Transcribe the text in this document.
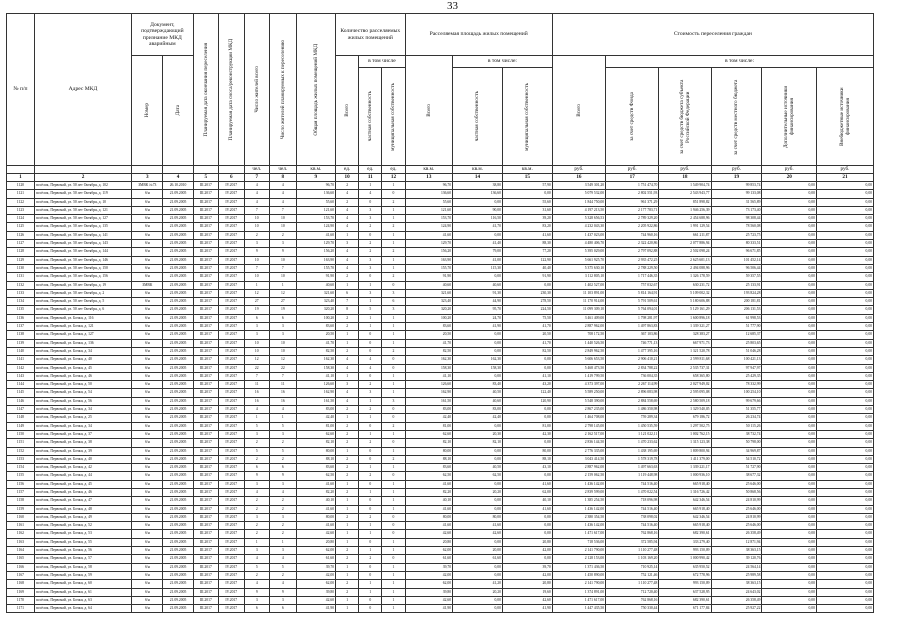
33
№ п/п	Адрес МКД	Документ, подтверждающий признание МКД аварийным		Планируемая дата окончания переселения	Планируемая дата сноса/реконструкции МКД	Число жителей всего	Число жителей планируемых к переселению	Общая площадь жилых помещений МКД	Количество расселяемых жилых помещений			Расселяемая площадь жилых помещений			Стоимость переселения граждан					

		Номер	Дата						Всего	в том числе		Всего	в том числе:		Всего	в том числе:				

										частная собственность	муниципальная собственность		частная собственность	муниципальная собственность		за счет средств Фонда	за счет средств бюджета субъекта Российской Федерации	за счет средств местного бюджета	Дополнительные источники финансирования	Внебюджетные источники финансирования

						чел.	чел.	кв.м.	ед.	ед.	ед.	кв.м.	кв.м.	кв.м.	руб.	руб.	руб.	руб.	руб.	руб.
1	2	3	4	5	6	7	8	9	10	11	12	13	14	15	16	17	18	19	20	21
1120	посёлок, Первомай, ул. 50 лет Октября, д. 102	ЗМВК №73	26.10.2010	III.2017	IV.2017	4	4	96,70	2	1	1	96,70	38,80	57,90	3 549 301,20	1 751 474,70	1 549 904,74	99 853,74	0,00	0,00
1121	посёлок, Первомай, ул. 50 лет Октября, д. 119	б/н	21.09.2005	III.2017	IV.2017	4	4	136,60	4	4	0	136,60	136,60	0,00	5 079 532,00	2 802 551,93	2 543 943,77	99 133,08	0,00	0,00
1122	посёлок, Первомай, ул. 50 лет Октября, д. 10	б/н	21.09.2005	III.2017	IV.2017	4	4	55,60	2	0	2	55,60	0,00	55,60	1 844 750,00	961 371,29	851 898,82	31 565,89	0,00	0,00
1123	посёлок, Первомай, ул. 50 лет Октября, д. 121	б/н	21.09.2005	III.2017	IV.2017	7	7	121,60	4	3	1	121,60	90,00	31,60	4 197 213,50	2 177 783,71	1 946 256,39	73 173,40	0,00	0,00
1124	посёлок, Первомай, ул. 50 лет Октября, д. 127	б/н	21.09.2005	III.2017	IV.2017	10	10	153,70	4	3	1	153,70	116,50	39,20	5 328 656,53	2 789 329,20	2 454 688,96	98 308,44	0,00	0,00
1125	посёлок, Первомай, ул. 50 лет Октября, д. 135	б/н	21.09.2005	III.2017	IV.2017	10	10	124,90	4	2	2	124,90	41,70	83,20	4 232 043,30	2 205 922,86	1 991 129,54	78 560,08	0,00	0,00
1126	посёлок, Первомай, ул. 50 лет Октября, д. 141	б/н	21.09.2005	III.2017	IV.2017	2	2	41,60	1	0	1	41,60	0,00	41,60	1 437 023,00	744 960,16	661 211,87	25 723,75	0,00	0,00
1127	посёлок, Первомай, ул. 50 лет Октября, д. 143	б/н	21.09.2005	III.2017	IV.2017	3	3	129,70	3	2	1	129,70	41,40	88,30	4 480 406,70	2 322 420,86	2 077 886,94	80 333,51	0,00	0,00
1128	посёлок, Первомай, ул. 50 лет Октября, д. 144	б/н	21.09.2005	III.2017	IV.2017	9	9	156,20	4	2	2	156,20	79,00	77,20	5 395 029,00	2 797 092,88	2 502 098,24	96 671,85	0,00	0,00
1129	посёлок, Первомай, ул. 50 лет Октября, д. 146	б/н	21.09.2005	III.2017	IV.2017	10	10	163,90	4	3	1	163,90	41,00	122,90	5 661 925,70	2 935 472,25	2 625 601,13	101 452,14	0,00	0,00
1130	посёлок, Первомай, ул. 50 лет Октября, д. 150	б/н	21.09.2005	III.2017	IV.2017	7	7	155,70	4	3	1	155,70	115,30	40,40	5 375 630,10	2 788 229,50	2 494 088,96	96 506,44	0,00	0,00
1131	посёлок, Первомай, ул. 50 лет Октября, д. 156	б/н	21.09.2005	III.2017	IV.2017	10	10	91,90	2	0	2	91,90	0,00	91,90	3 112 805,10	1 717 446,35	1 326 178,59	59 357,55	0,00	0,00
1132	посёлок, Первомай, ул. 50 лет Октября, д. 19	ЗМВК	21.09.2005	III.2017	IV.2017	1	1	40,60	1	1	0	40,60	40,60	0,00	1 402 527,00	757 032,67	630 231,72	25 133,91	0,00	0,00
1133	посёлок, Первомай, ул. 50 лет Октября, д. 2	б/н	21.09.2005	III.2017	IV.2017	12	12	321,60	6	3	3	321,60	91,30	230,30	11 103 891,00	5 814 164,91	5 109 002,32	193 824,28	0,00	0,00
1134	посёлок, Первомай, ул. 50 лет Октября, д. 5	б/н	21.09.2005	III.2017	IV.2017	27	27	323,40	7	1	6	323,40	44,90	278,50	11 170 914,00	5 791 509,61	5 180 606,88	200 181,81	0,00	0,00
1135	посёлок, Первомай, ул. 50 лет Октября, д. 6	б/н	21.09.2005	III.2017	IV.2017	19	19	320,20	8	5	3	320,20	95,70	224,50	11 099 309,10	5 764 094,01	5 129 161,29	206 131,53	0,00	0,00
1136	посёлок, Первомай, ул. Бочки, д. 116	б/н	21.09.2005	III.2017	IV.2017	6	6	100,20	2	1	1	100,20	24,70	75,50	3 461 409,00	1 798 281,97	1 600 896,18	61 998,53	0,00	0,00
1137	посёлок, Первомай, ул. Бочки, д. 121	б/н	21.09.2005	III.2017	IV.2017	3	3	83,60	2	1	1	83,60	41,90	41,70	2 887 962,00	1 497 863,83	1 339 321,27	51 777,90	0,00	0,00
1138	посёлок, Первомай, ул. Бочки, д. 127	б/н	21.09.2005	III.2017	IV.2017	3	3	20,50	1	0	1	20,50	0,00	20,50	708 172,50	367 103,86	328 383,27	12 685,37	0,00	0,00
1139	посёлок, Первомай, ул. Бочки, д. 136	б/н	21.09.2005	III.2017	IV.2017	10	10	41,70	1	0	1	41,70	0,00	41,70	1 440 526,50	746 771,13	667 971,73	25 803,65	0,00	0,00
1140	посёлок, Первомай, ул. Бочки, д. 34	б/н	21.09.2005	III.2017	IV.2017	10	10	82,50	2	0	2	82,50	0,00	82,50	2 849 962,50	1 477 395,16	1 321 520,78	51 046,28	0,00	0,00
1141	посёлок, Первомай, ул. Бочки, д. 40	б/н	21.09.2005	III.2017	IV.2017	12	12	162,30	4	4	0	162,30	162,30	0,00	5 606 653,50	2 906 410,21	2 599 811,68	100 421,13	0,00	0,00
1142	посёлок, Первомай, ул. Бочки, д. 45	б/н	21.09.2005	III.2017	IV.2017	22	22	158,30	4	4	0	158,30	158,30	0,00	5 468 473,50	2 834 788,22	2 535 737,31	97 947,97	0,00	0,00
1143	посёлок, Первомай, ул. Бочки, д. 46	б/н	21.09.2005	III.2017	IV.2017	7	7	41,10	1	0	1	41,10	0,00	41,10	1 419 799,50	736 004,35	658 365,80	25 429,35	0,00	0,00
1144	посёлок, Первомай, ул. Бочки, д. 50	б/н	21.09.2005	III.2017	IV.2017	11	11	126,60	3	2	1	126,60	83,40	43,20	4 373 397,00	2 267 114,99	2 027 949,02	78 332,99	0,00	0,00
1145	посёлок, Первомай, ул. Бочки, д. 54	б/н	21.09.2005	III.2017	IV.2017	16	16	162,90	4	3	1	162,90	40,50	122,40	5 589 250,00	2 896 083,98	2 595 095,08	100 254,10	0,00	0,00
1146	посёлок, Первомай, ул. Бочки, д. 56	б/н	21.09.2005	III.2017	IV.2017	16	16	161,50	4	1	3	161,50	40,60	120,90	5 548 390,00	2 884 558,69	2 580 509,18	99 679,66	0,00	0,00
1147	посёлок, Первомай, ул. Бочки, д. 34	б/н	21.09.2005	III.2017	IV.2017	4	4	83,00	2	2	0	83,00	83,00	0,00	2 867 235,00	1 486 350,98	1 329 540,05	51 355,77	0,00	0,00
1148	посёлок, Первомай, ул. Бочки, д. 25	б/н	21.09.2005	III.2017	IV.2017	1	1	42,40	1	1	0	42,40	42,40	0,00	1 464 708,00	759 289,34	679 186,72	26 234,74	0,00	0,00
1149	посёлок, Первомай, ул. Бочки, д. 34	б/н	21.09.2005	III.2017	IV.2017	5	5	81,00	2	0	2	81,00	0,00	81,00	2 798 145,00	1 450 535,59	1 297 502,75	50 115,26	0,00	0,00
1150	посёлок, Первомай, ул. Бочки, д. 37	б/н	21.09.2005	III.2017	IV.2017	3	3	62,60	2	1	1	62,60	20,30	42,30	2 162 517,00	1 121 022,11	1 002 762,15	38 732,74	0,00	0,00
1151	посёлок, Первомай, ул. Бочки, д. 38	б/н	21.09.2005	III.2017	IV.2017	2	2	82,10	2	2	0	82,10	82,10	0,00	2 836 144,50	1 470 233,62	1 315 123,38	50 798,00	0,00	0,00
1152	посёлок, Первомай, ул. Бочки, д. 39	б/н	21.09.2005	III.2017	IV.2017	5	5	80,00	1	0	1	80,00	0,00	80,00	2 776 335,00	1 438 195,69	1 809 800,94	34 969,87	0,00	0,00
1153	посёлок, Первомай, ул. Бочки, д. 40	б/н	21.09.2005	III.2017	IV.2017	2	2	88,10	2	0	2	88,10	0,00	88,10	3 043 414,50	1 578 319,78	1 411 379,00	54 510,72	0,00	0,00
1154	посёлок, Первомай, ул. Бочки, д. 42	б/н	21.09.2005	III.2017	IV.2017	6	6	83,60	2	1	1	83,60	40,50	43,10	2 887 962,00	1 497 663,63	1 339 221,17	51 727,90	0,00	0,00
1155	посёлок, Первомай, ул. Бочки, д. 44	б/н	21.09.2005	III.2017	IV.2017	9	9	62,50	2	2	0	62,50	62,50	0,00	2 159 062,50	1 119 448,98	1 000 936,10	38 677,32	0,00	0,00
1156	посёлок, Первомай, ул. Бочки, д. 45	б/н	21.09.2005	III.2017	IV.2017	3	3	41,60	1	0	1	41,60	0,00	41,60	1 436 142,00	744 516,40	665 918,40	25 646,00	0,00	0,00
1157	посёлок, Первомай, ул. Бочки, д. 46	б/н	21.09.2005	III.2017	IV.2017	4	4	82,20	2	1	1	82,20	20,20	62,00	2 839 599,00	1 470 022,54	1 316 726,42	50 868,56	0,00	0,00
1158	посёлок, Первомай, ул. Бочки, д. 47	б/н	21.09.2005	III.2017	IV.2017	2	2	40,10	1	0	1	40,10	0,00	40,10	1 385 254,50	718 096,98	642 346,54	24 810,99	0,00	0,00
1159	посёлок, Первомай, ул. Бочки, д. 48	б/н	21.09.2005	III.2017	IV.2017	2	2	41,60	1	0	1	41,60	0,00	41,60	1 436 142,00	744 516,40	665 918,40	25 646,00	0,00	0,00
1160	посёлок, Первомай, ул. Бочки, д. 49	б/н	21.09.2005	III.2017	IV.2017	3	3	80,00	2	2	0	80,00	80,00	0,00	2 380 354,50	738 098,02	642 346,54	24 810,99	0,00	0,00
1161	посёлок, Первомай, ул. Бочки, д. 52	б/н	21.09.2005	III.2017	IV.2017	2	2	41,60	1	1	0	41,60	41,60	0,00	1 436 142,00	744 516,40	665 918,40	25 646,00	0,00	0,00
1162	посёлок, Первомай, ул. Бочки, д. 53	б/н	21.09.2005	III.2017	IV.2017	2	2	42,60	1	1	0	42,60	42,60	0,00	1 471 617,00	762 868,16	682 390,61	26 358,49	0,00	0,00
1163	посёлок, Первомай, ул. Бочки, д. 55	б/н	21.09.2005	III.2017	IV.2017	1	1	20,80	1	0	1	20,80	0,00	20,80	718 536,00	372 585,94	333 279,40	12 871,94	0,00	0,00
1164	посёлок, Первомай, ул. Бочки, д. 56	б/н	21.09.2005	III.2017	IV.2017	3	3	62,00	2	1	1	62,00	20,00	42,00	2 141 790,00	1 110 277,48	993 150,09	38 363,15	0,00	0,00
1165	посёлок, Первомай, ул. Бочки, д. 57	б/н	21.09.2005	III.2017	IV.2017	4	4	61,60	2	2	0	61,60	61,60	0,00	2 128 153,00	1 103 169,20	1 000 990,42	39 120,76	0,00	0,00
1166	посёлок, Первомай, ул. Бочки, д. 58	б/н	21.09.2005	III.2017	IV.2017	5	5	39,70	1	0	1	39,70	0,00	39,70	1 371 436,50	710 925,14	635 950,52	24 564,14	0,00	0,00
1167	посёлок, Первомай, ул. Бочки, д. 59	б/н	21.09.2005	III.2017	IV.2017	2	2	42,00	1	0	1	42,00	0,00	42,00	1 450 890,00	752 121,46	672 778,96	25 989,58	0,00	0,00
1168	посёлок, Первомай, ул. Бочки, д. 60	б/н	21.09.2005	III.2017	IV.2017	4	4	62,00	2	1	1	62,00	41,20	20,80	2 141 790,00	1 110 277,48	993 150,09	38 363,15	0,00	0,00
1169	посёлок, Первомай, ул. Бочки, д. 61	б/н	21.09.2005	III.2017	IV.2017	9	9	39,80	2	1	1	39,80	20,20	19,60	1 374 891,00	712 720,40	637 528,95	24 643,02	0,00	0,00
1170	посёлок, Первомай, ул. Бочки, д. 63	б/н	21.09.2005	III.2017	IV.2017	3	3	42,60	1	0	1	42,60	0,00	42,60	1 471 617,00	762 868,16	682 390,61	26 358,49	0,00	0,00
1171	посёлок, Первомай, ул. Бочки, д. 64	б/н	21.09.2005	III.2017	IV.2017	6	6	41,90	1	0	1	41,90	0,00	41,90	1 447 435,50	750 330,44	671 177,84	25 927,22	0,00	0,00
